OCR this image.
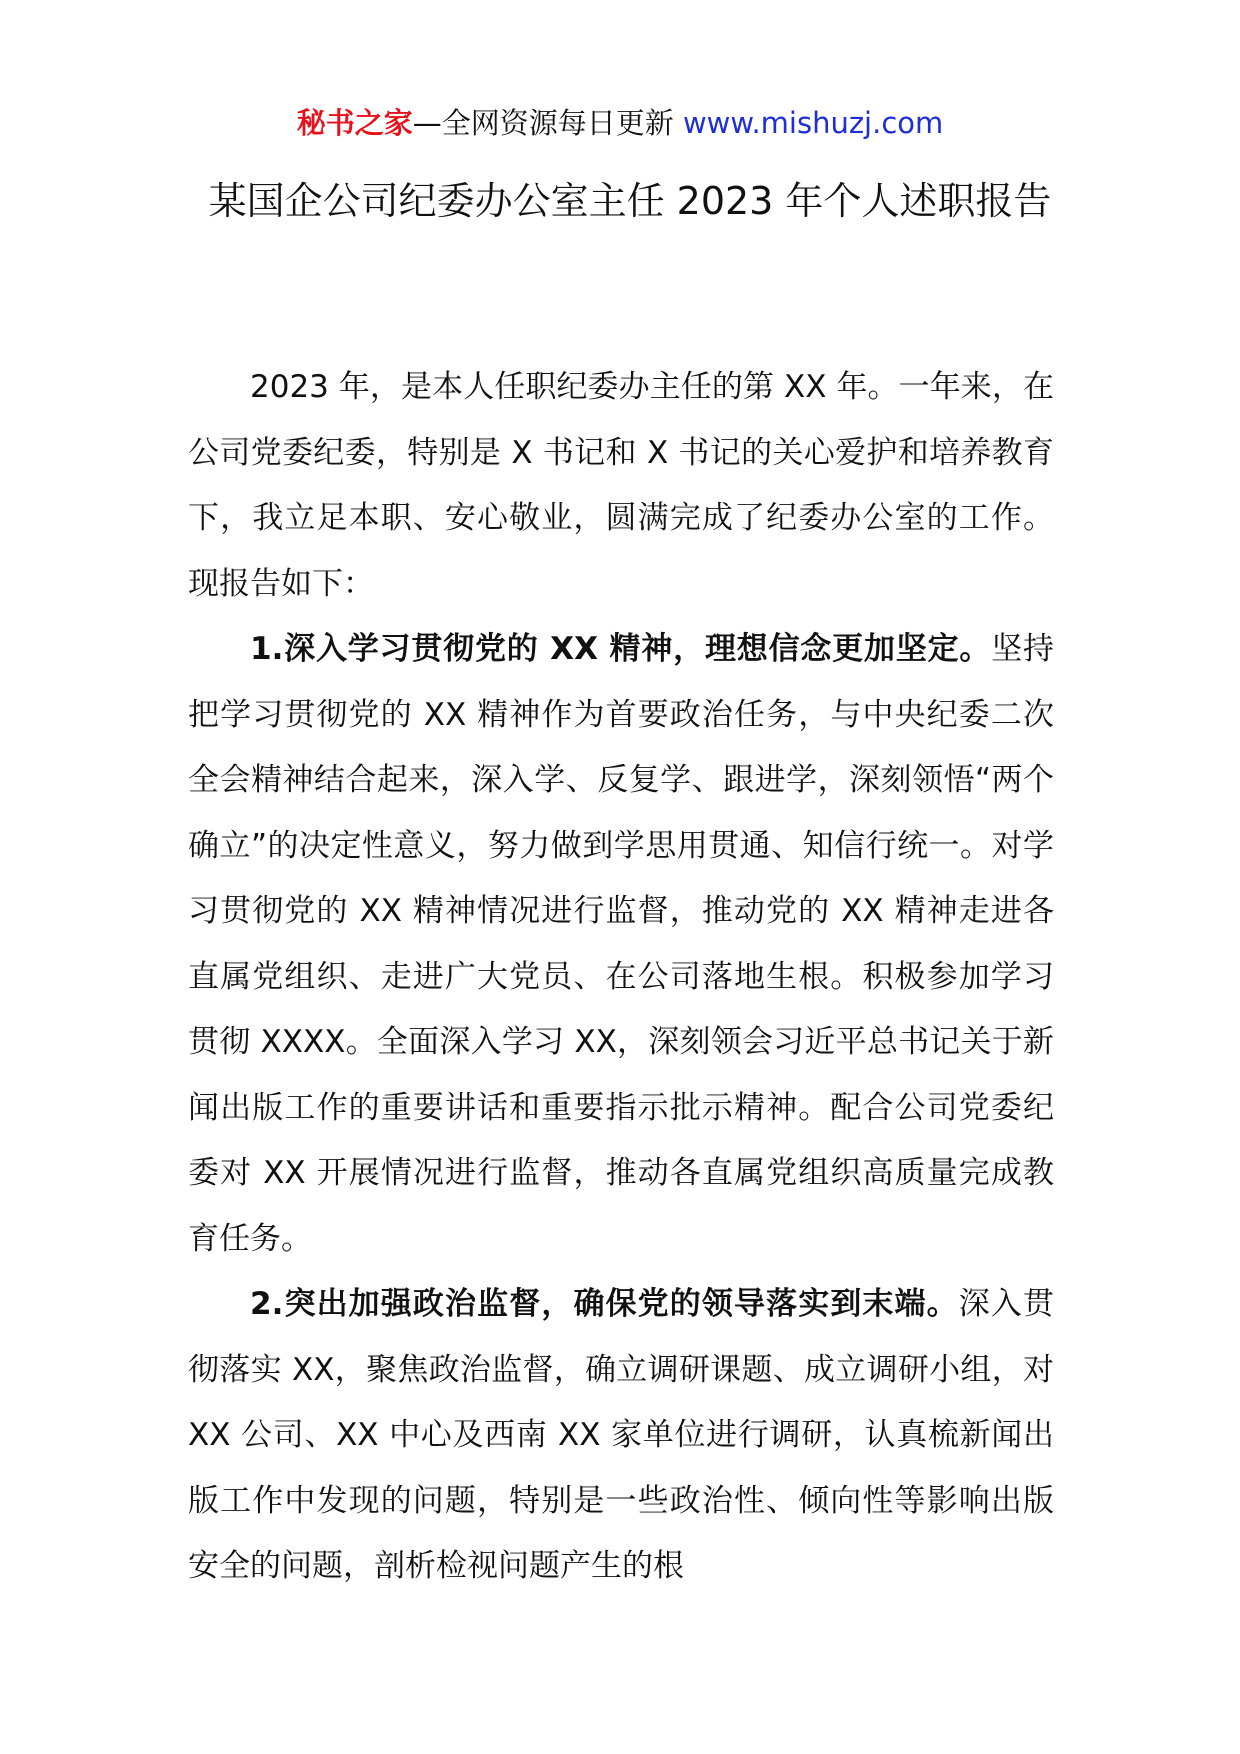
秘书之家—全网资源每日更新 www.mishuzj.com
某国企公司纪委办公室主任 2023 年个人述职报告

2023 年，是本人任职纪委办主任的第 XX 年。一年来，在公司党委纪委，特别是 X 书记和 X 书记的关心爱护和培养教育下，我立足本职、安心敬业，圆满完成了纪委办公室的工作。现报告如下：

1.深入学习贯彻党的 XX 精神，理想信念更加坚定。坚持把学习贯彻党的 XX 精神作为首要政治任务，与中央纪委二次全会精神结合起来，深入学、反复学、跟进学，深刻领悟“两个确立”的决定性意义，努力做到学思用贯通、知信行统一。对学习贯彻党的 XX 精神情况进行监督，推动党的 XX 精神走进各直属党组织、走进广大党员、在公司落地生根。积极参加学习贯彻 XXXX。全面深入学习 XX，深刻领会习近平总书记关于新闻出版工作的重要讲话和重要指示批示精神。配合公司党委纪委对 XX 开展情况进行监督，推动各直属党组织高质量完成教育任务。

2.突出加强政治监督，确保党的领导落实到末端。深入贯彻落实 XX，聚焦政治监督，确立调研课题、成立调研小组，对 XX 公司、XX 中心及西南 XX 家单位进行调研，认真梳新闻出版工作中发现的问题，特别是一些政治性、倾向性等影响出版安全的问题，剖析检视问题产生的根
